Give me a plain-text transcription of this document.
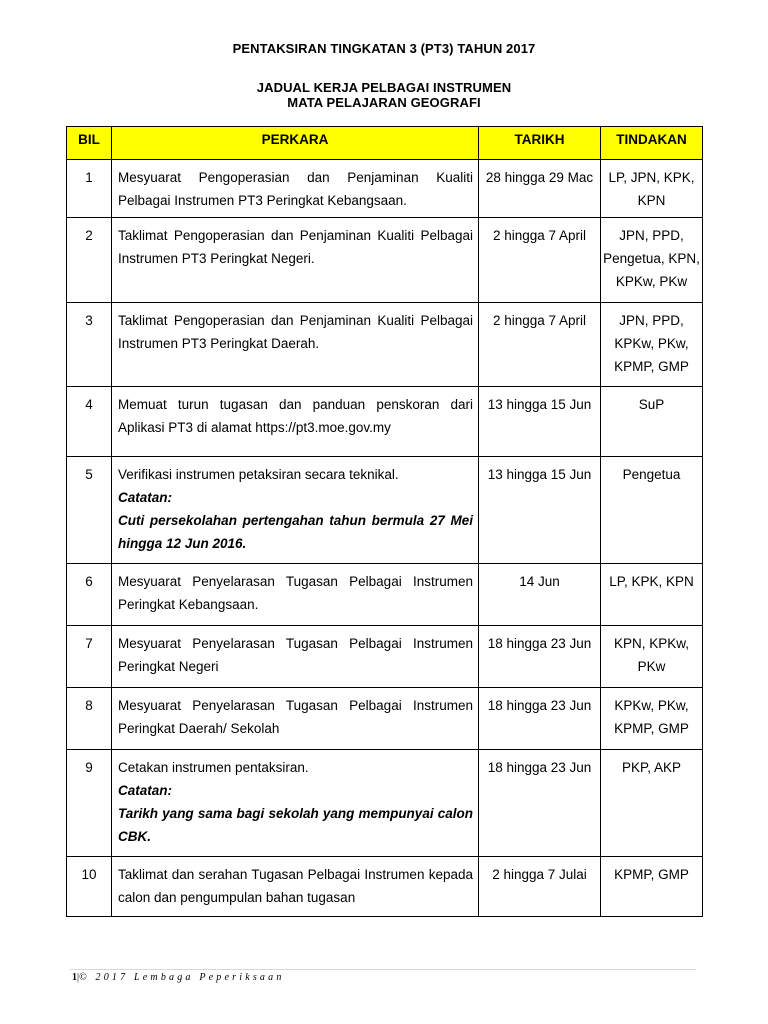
PENTAKSIRAN TINGKATAN 3 (PT3) TAHUN 2017
JADUAL KERJA PELBAGAI INSTRUMEN
MATA PELAJARAN GEOGRAFI
BIL	PERKARA	TARIKH	TINDAKAN
1	Mesyuarat Pengoperasian dan Penjaminan Kualiti Pelbagai Instrumen PT3 Peringkat Kebangsaan.	28 hingga 29 Mac	LP, JPN, KPK, KPN
2	Taklimat Pengoperasian dan Penjaminan Kualiti Pelbagai Instrumen PT3 Peringkat Negeri.	2 hingga 7 April	JPN, PPD, Pengetua, KPN, KPKw, PKw
3	Taklimat Pengoperasian dan Penjaminan Kualiti Pelbagai Instrumen PT3 Peringkat Daerah.	2 hingga 7 April	JPN, PPD, KPKw, PKw, KPMP, GMP
4	Memuat turun tugasan dan panduan penskoran dari Aplikasi PT3 di alamat https://pt3.moe.gov.my	13 hingga 15 Jun	SuP
5	Verifikasi instrumen petaksiran secara teknikal.
Catatan:
Cuti persekolahan pertengahan tahun bermula 27 Mei hingga 12 Jun 2016.	13 hingga 15 Jun	Pengetua
6	Mesyuarat Penyelarasan Tugasan Pelbagai Instrumen Peringkat Kebangsaan.	14 Jun	LP, KPK, KPN
7	Mesyuarat Penyelarasan Tugasan Pelbagai Instrumen Peringkat Negeri	18 hingga 23 Jun	KPN, KPKw, PKw
8	Mesyuarat Penyelarasan Tugasan Pelbagai Instrumen Peringkat Daerah/ Sekolah	18 hingga 23 Jun	KPKw, PKw, KPMP, GMP
9	Cetakan instrumen pentaksiran.
Catatan:
Tarikh yang sama bagi sekolah yang mempunyai calon CBK.	18 hingga 23 Jun	PKP, AKP
10	Taklimat dan serahan Tugasan Pelbagai Instrumen kepada calon dan pengumpulan bahan tugasan	2 hingga 7 Julai	KPMP, GMP
1|© 2017 Lembaga Peperiksaan
